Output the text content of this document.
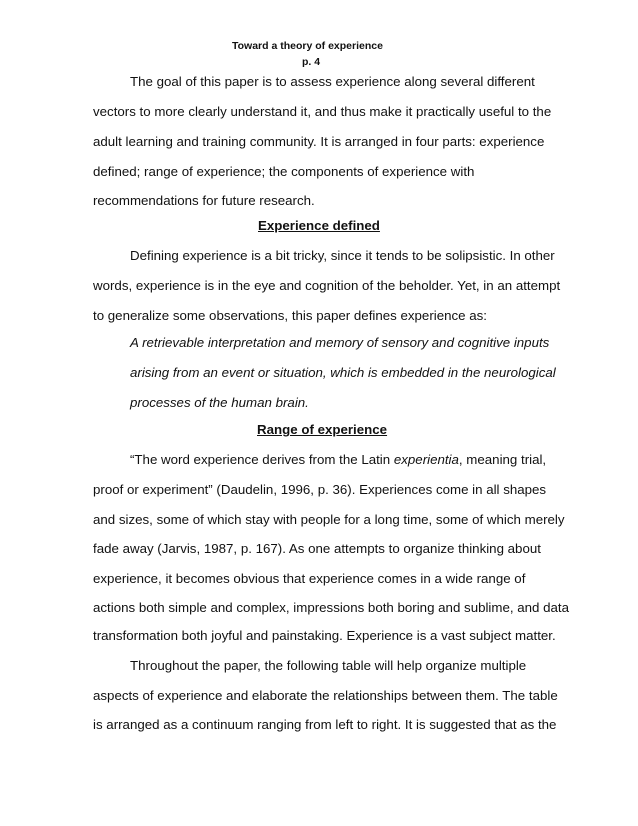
Toward a theory of experience
p. 4
The goal of this paper is to assess experience along several different
vectors to more clearly understand it, and thus make it practically useful to the
adult learning and training community. It is arranged in four parts: experience
defined; range of experience; the components of experience with
recommendations for future research.
Experience defined
Defining experience is a bit tricky, since it tends to be solipsistic. In other
words, experience is in the eye and cognition of the beholder. Yet, in an attempt
to generalize some observations, this paper defines experience as:
A retrievable interpretation and memory of sensory and cognitive inputs
arising from an event or situation, which is embedded in the neurological
processes of the human brain.
Range of experience
“The word experience derives from the Latin experientia, meaning trial,
proof or experiment” (Daudelin, 1996, p. 36). Experiences come in all shapes
and sizes, some of which stay with people for a long time, some of which merely
fade away (Jarvis, 1987, p. 167). As one attempts to organize thinking about
experience, it becomes obvious that experience comes in a wide range of
actions both simple and complex, impressions both boring and sublime, and data
transformation both joyful and painstaking. Experience is a vast subject matter.
Throughout the paper, the following table will help organize multiple
aspects of experience and elaborate the relationships between them. The table
is arranged as a continuum ranging from left to right. It is suggested that as the
